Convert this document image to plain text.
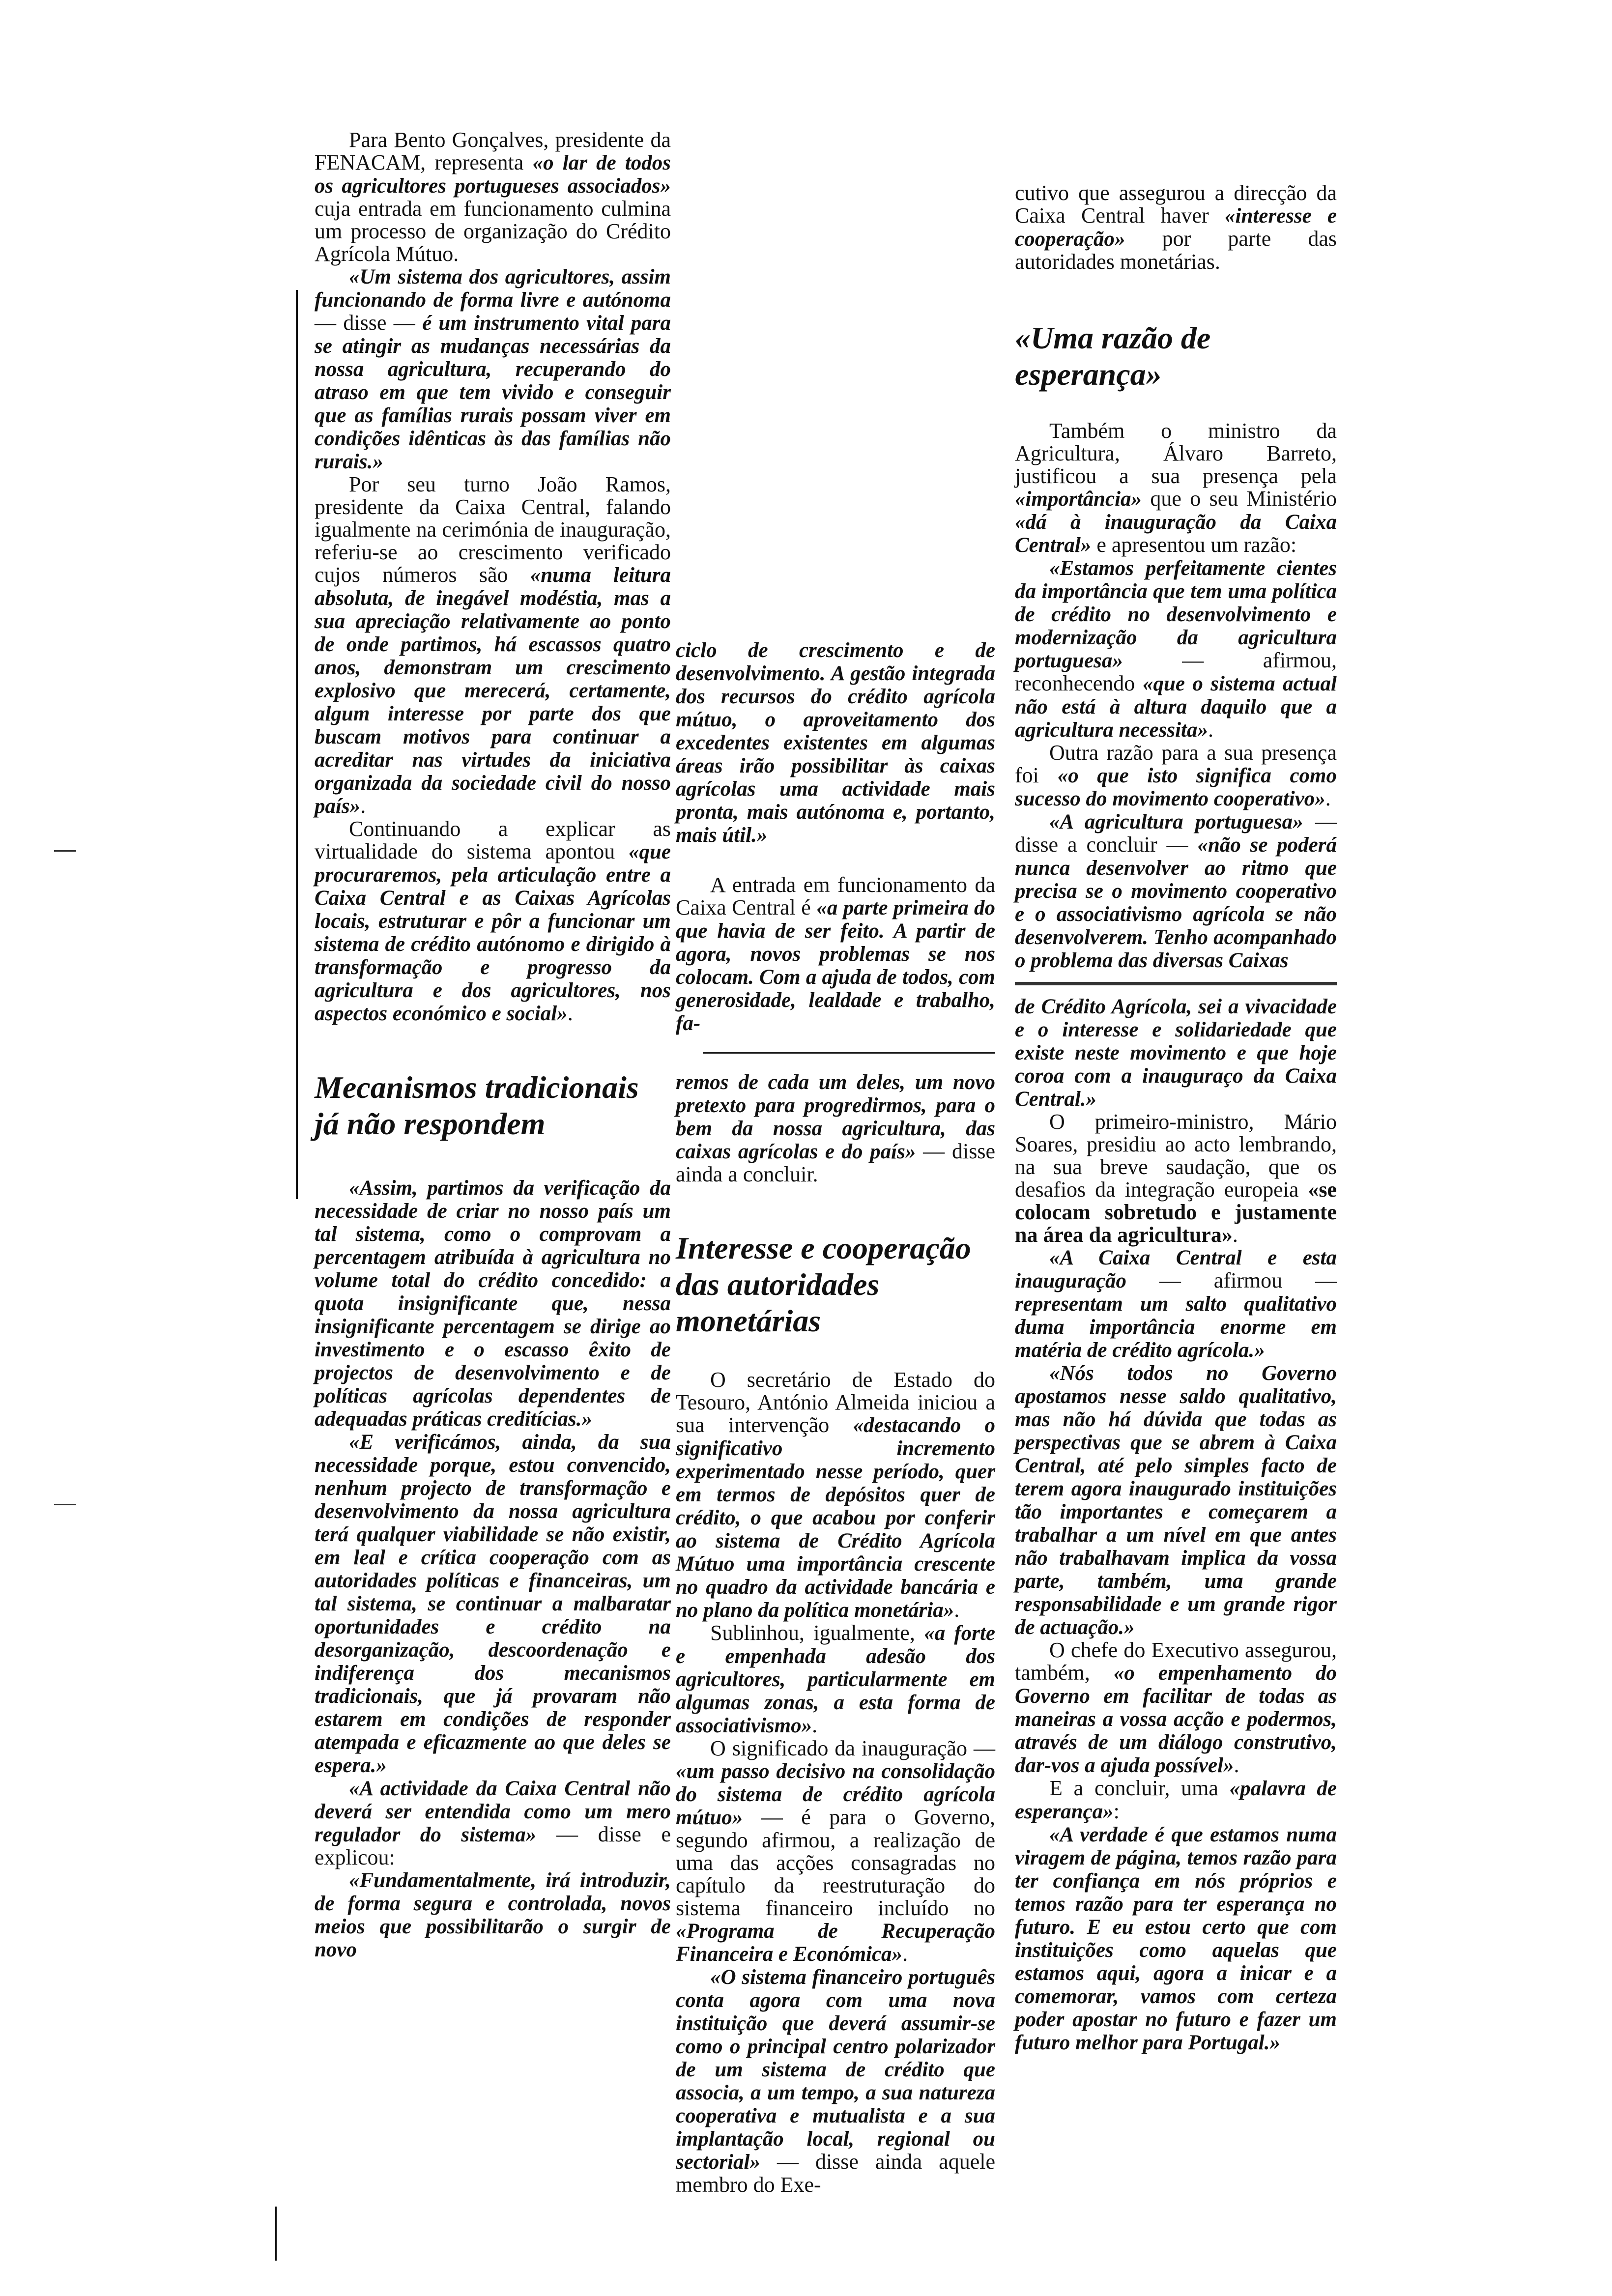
Para Bento Gonçalves, presidente da FENACAM, representa «o lar de todos os agricultores portugueses associados» cuja entrada em funcionamento culmina um processo de organização do Crédito Agrícola Mútuo.

«Um sistema dos agricultores, assim funcionando de forma livre e autónoma — disse — é um instrumento vital para se atingir as mudanças necessárias da nossa agricultura, recuperando do atraso em que tem vivido e conseguir que as famílias rurais possam viver em condições idênticas às das famílias não rurais.»

Por seu turno João Ramos, presidente da Caixa Central, falando igualmente na cerimónia de inauguração, referiu-se ao crescimento verificado cujos números são «numa leitura absoluta, de inegável modéstia, mas a sua apreciação relativamente ao ponto de onde partimos, há escassos quatro anos, demonstram um crescimento explosivo que merecerá, certamente, algum interesse por parte dos que buscam motivos para continuar a acreditar nas virtudes da iniciativa organizada da sociedade civil do nosso país».

Continuando a explicar as virtualidade do sistema apontou «que procuraremos, pela articulação entre a Caixa Central e as Caixas Agrícolas locais, estruturar e pôr a funcionar um sistema de crédito autónomo e dirigido à transformação e progresso da agricultura e dos agricultores, nos aspectos económico e social».

Mecanismos tradicionais já não respondem

«Assim, partimos da verificação da necessidade de criar no nosso país um tal sistema, como o comprovam a percentagem atribuída à agricultura no volume total do crédito concedido: a quota insignificante que, nessa insignificante percentagem se dirige ao investimento e o escasso êxito de projectos de desenvolvimento e de políticas agrícolas dependentes de adequadas práticas creditícias.»

«E verificámos, ainda, da sua necessidade porque, estou convencido, nenhum projecto de transformação e desenvolvimento da nossa agricultura terá qualquer viabilidade se não existir, em leal e crítica cooperação com as autoridades políticas e financeiras, um tal sistema, se continuar a malbaratar oportunidades e crédito na desorganização, descoordenação e indiferença dos mecanismos tradicionais, que já provaram não estarem em condições de responder atempada e eficazmente ao que deles se espera.»

«A actividade da Caixa Central não deverá ser entendida como um mero regulador do sistema» — disse e explicou:

«Fundamentalmente, irá introduzir, de forma segura e controlada, novos meios que possibilitarão o surgir de novo

ciclo de crescimento e de desenvolvimento. A gestão integrada dos recursos do crédito agrícola mútuo, o aproveitamento dos excedentes existentes em algumas áreas irão possibilitar às caixas agrícolas uma actividade mais pronta, mais autónoma e, portanto, mais útil.»

A entrada em funcionamento da Caixa Central é «a parte primeira do que havia de ser feito. A partir de agora, novos problemas se nos colocam. Com a ajuda de todos, com generosidade, lealdade e trabalho, fa-

remos de cada um deles, um novo pretexto para progredirmos, para o bem da nossa agricultura, das caixas agrícolas e do país» — disse ainda a concluir.

Interesse e cooperação das autoridades monetárias

O secretário de Estado do Tesouro, António Almeida iniciou a sua intervenção «destacando o significativo incremento experimentado nesse período, quer em termos de depósitos quer de crédito, o que acabou por conferir ao sistema de Crédito Agrícola Mútuo uma importância crescente no quadro da actividade bancária e no plano da política monetária».

Sublinhou, igualmente, «a forte e empenhada adesão dos agricultores, particularmente em algumas zonas, a esta forma de associativismo».

O significado da inauguração — «um passo decisivo na consolidação do sistema de crédito agrícola mútuo» — é para o Governo, segundo afirmou, a realização de uma das acções consagradas no capítulo da reestruturação do sistema financeiro incluído no «Programa de Recuperação Financeira e Económica».

«O sistema financeiro português conta agora com uma nova instituição que deverá assumir-se como o principal centro polarizador de um sistema de crédito que associa, a um tempo, a sua natureza cooperativa e mutualista e a sua implantação local, regional ou sectorial» — disse ainda aquele membro do Exe-

cutivo que assegurou a direcção da Caixa Central haver «interesse e cooperação» por parte das autoridades monetárias.

«Uma razão de esperança»

Também o ministro da Agricultura, Álvaro Barreto, justificou a sua presença pela «importância» que o seu Ministério «dá à inauguração da Caixa Central» e apresentou um razão:

«Estamos perfeitamente cientes da importância que tem uma política de crédito no desenvolvimento e modernização da agricultura portuguesa» — afirmou, reconhecendo «que o sistema actual não está à altura daquilo que a agricultura necessita».

Outra razão para a sua presença foi «o que isto significa como sucesso do movimento cooperativo».

«A agricultura portuguesa» — disse a concluir — «não se poderá nunca desenvolver ao ritmo que precisa se o movimento cooperativo e o associativismo agrícola se não desenvolverem. Tenho acompanhado o problema das diversas Caixas

de Crédito Agrícola, sei a vivacidade e o interesse e solidariedade que existe neste movimento e que hoje coroa com a inauguraço da Caixa Central.»

O primeiro-ministro, Mário Soares, presidiu ao acto lembrando, na sua breve saudação, que os desafios da integração europeia «se colocam sobretudo e justamente na área da agricultura».

«A Caixa Central e esta inauguração — afirmou — representam um salto qualitativo duma importância enorme em matéria de crédito agrícola.»

«Nós todos no Governo apostamos nesse saldo qualitativo, mas não há dúvida que todas as perspectivas que se abrem à Caixa Central, até pelo simples facto de terem agora inaugurado instituições tão importantes e começarem a trabalhar a um nível em que antes não trabalhavam implica da vossa parte, também, uma grande responsabilidade e um grande rigor de actuação.»

O chefe do Executivo assegurou, também, «o empenhamento do Governo em facilitar de todas as maneiras a vossa acção e podermos, através de um diálogo construtivo, dar-vos a ajuda possível».

E a concluir, uma «palavra de esperança»:

«A verdade é que estamos numa viragem de página, temos razão para ter confiança em nós próprios e temos razão para ter esperança no futuro. E eu estou certo que com instituições como aquelas que estamos aqui, agora a inicar e a comemorar, vamos com certeza poder apostar no futuro e fazer um futuro melhor para Portugal.»
